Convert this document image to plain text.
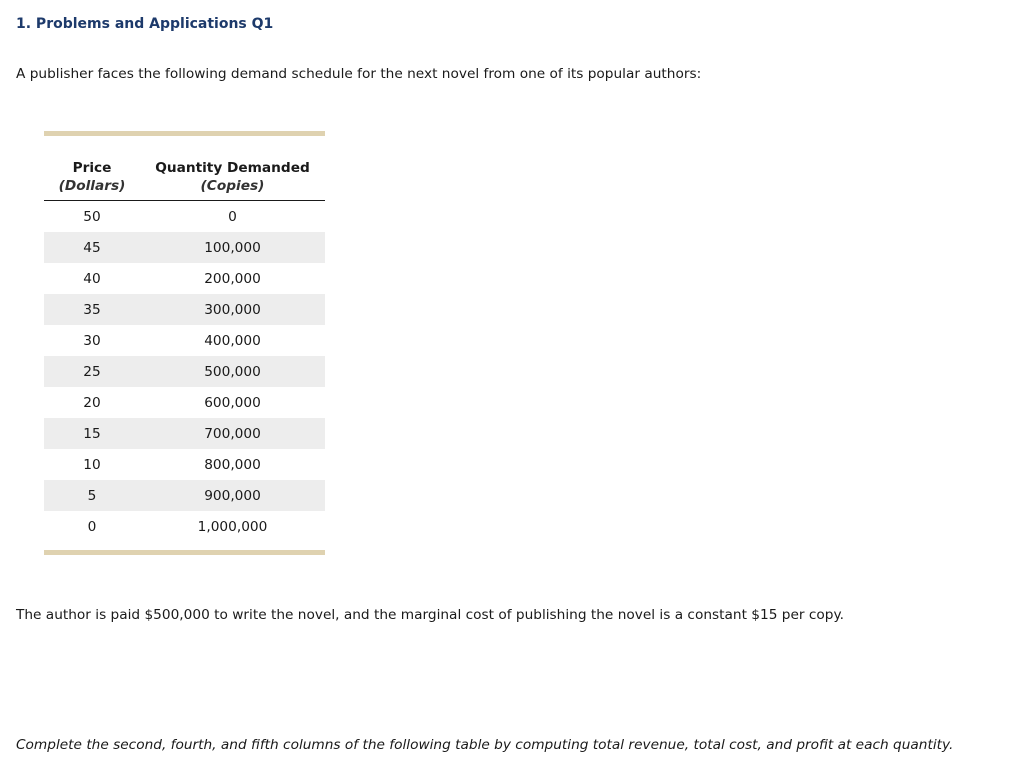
1. Problems and Applications Q1

A publisher faces the following demand schedule for the next novel from one of its popular authors:

Price	Quantity Demanded
(Dollars)	(Copies)
50	0
45	100,000
40	200,000
35	300,000
30	400,000
25	500,000
20	600,000
15	700,000
10	800,000
5	900,000
0	1,000,000

The author is paid $500,000 to write the novel, and the marginal cost of publishing the novel is a constant $15 per copy.

Complete the second, fourth, and fifth columns of the following table by computing total revenue, total cost, and profit at each quantity.
